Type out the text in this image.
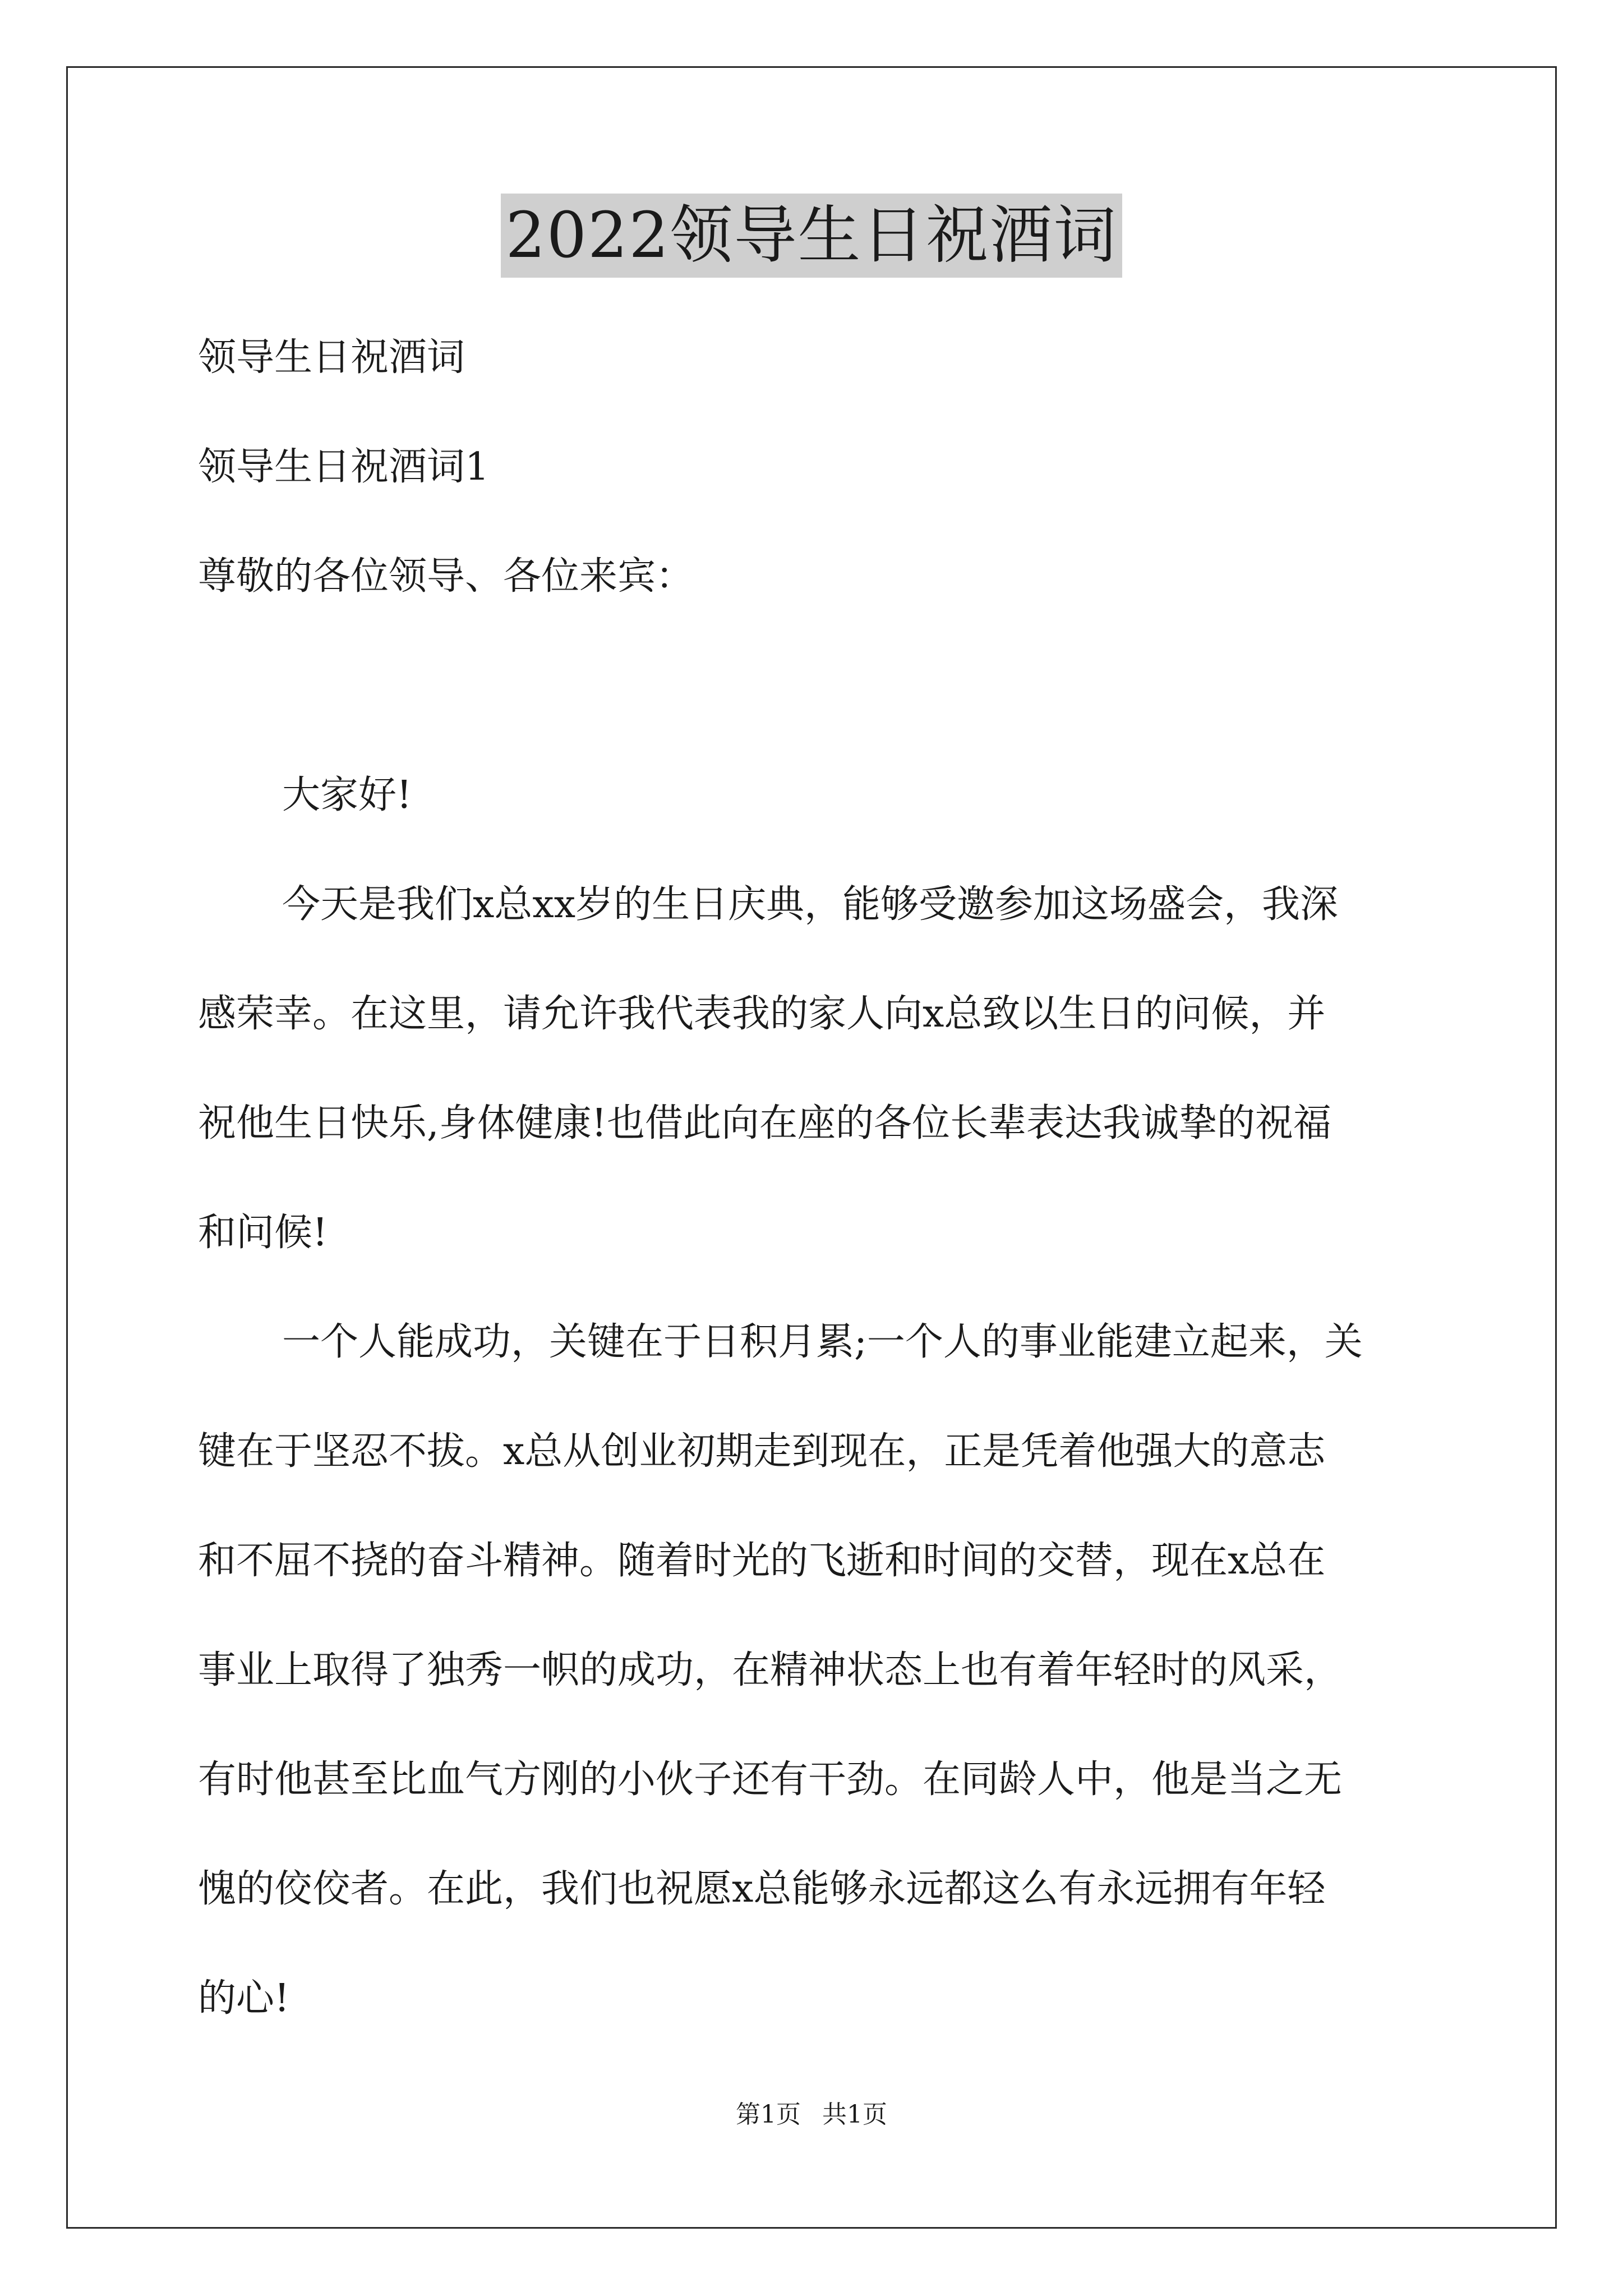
2022领导生日祝酒词
领导生日祝酒词
领导生日祝酒词1
尊敬的各位领导、各位来宾：
大家好!
今天是我们x总xx岁的生日庆典，能够受邀参加这场盛会，我深
感荣幸。在这里，请允许我代表我的家人向x总致以生日的问候，并
祝他生日快乐,身体健康!也借此向在座的各位长辈表达我诚挚的祝福
和问候!
一个人能成功，关键在于日积月累;一个人的事业能建立起来，关
键在于坚忍不拔。x总从创业初期走到现在，正是凭着他强大的意志
和不屈不挠的奋斗精神。随着时光的飞逝和时间的交替，现在x总在
事业上取得了独秀一帜的成功，在精神状态上也有着年轻时的风采，
有时他甚至比血气方刚的小伙子还有干劲。在同龄人中，他是当之无
愧的佼佼者。在此，我们也祝愿x总能够永远都这么有永远拥有年轻
的心!
第1页 共1页
